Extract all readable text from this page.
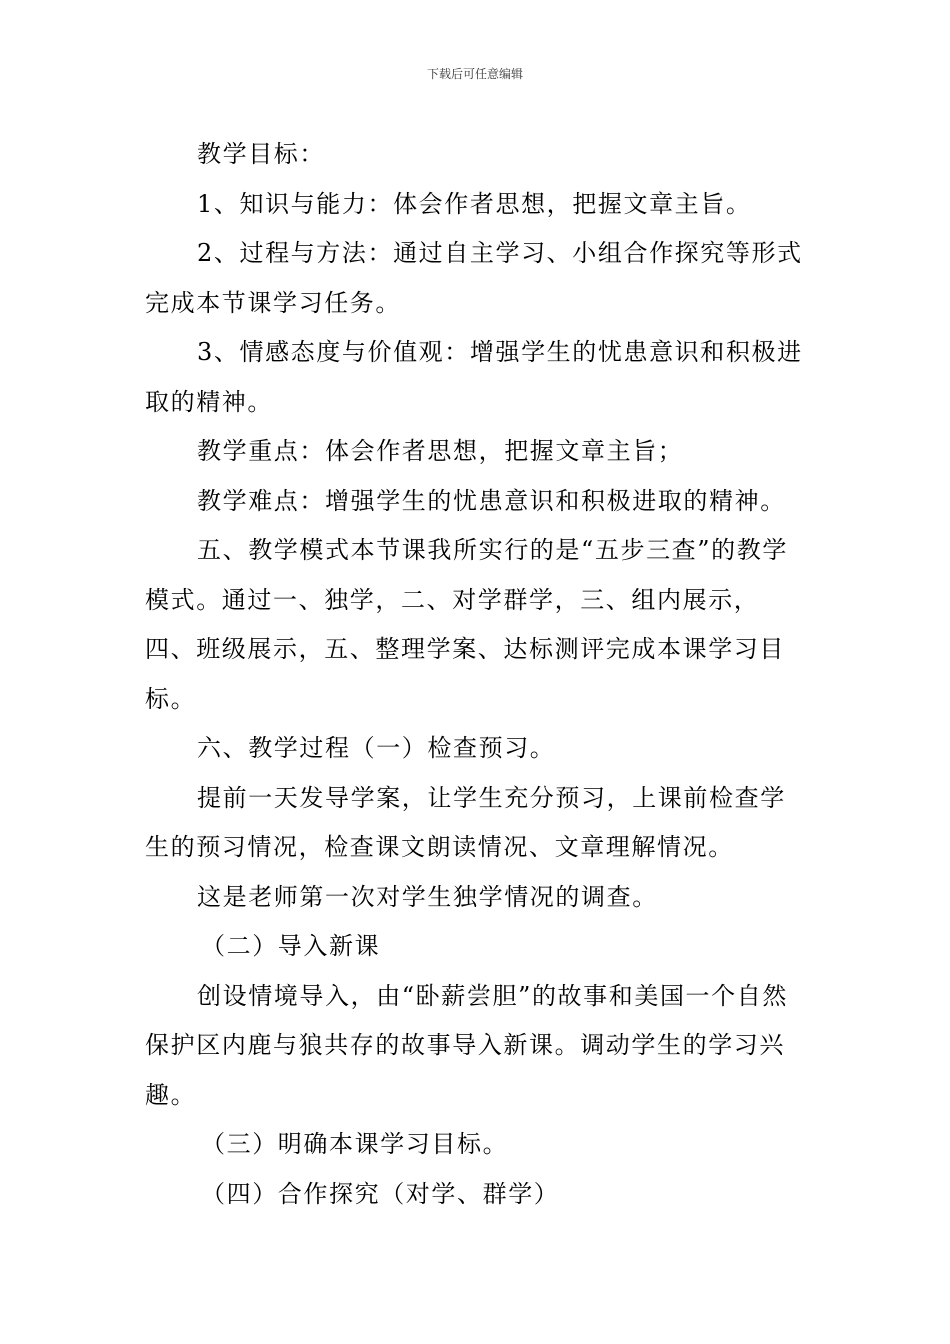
下载后可任意编辑

教学目标：

1、知识与能力：体会作者思想，把握文章主旨。

2、过程与方法：通过自主学习、小组合作探究等形式完成本节课学习任务。

3、情感态度与价值观：增强学生的忧患意识和积极进取的精神。

教学重点：体会作者思想，把握文章主旨；

教学难点：增强学生的忧患意识和积极进取的精神。

五、教学模式本节课我所实行的是“五步三查”的教学模式。通过一、独学，二、对学群学，三、组内展示，四、班级展示，五、整理学案、达标测评完成本课学习目标。

六、教学过程（一）检查预习。

提前一天发导学案，让学生充分预习，上课前检查学生的预习情况，检查课文朗读情况、文章理解情况。

这是老师第一次对学生独学情况的调查。

（二）导入新课

创设情境导入，由“卧薪尝胆”的故事和美国一个自然保护区内鹿与狼共存的故事导入新课。调动学生的学习兴趣。

（三）明确本课学习目标。

（四）合作探究（对学、群学）
